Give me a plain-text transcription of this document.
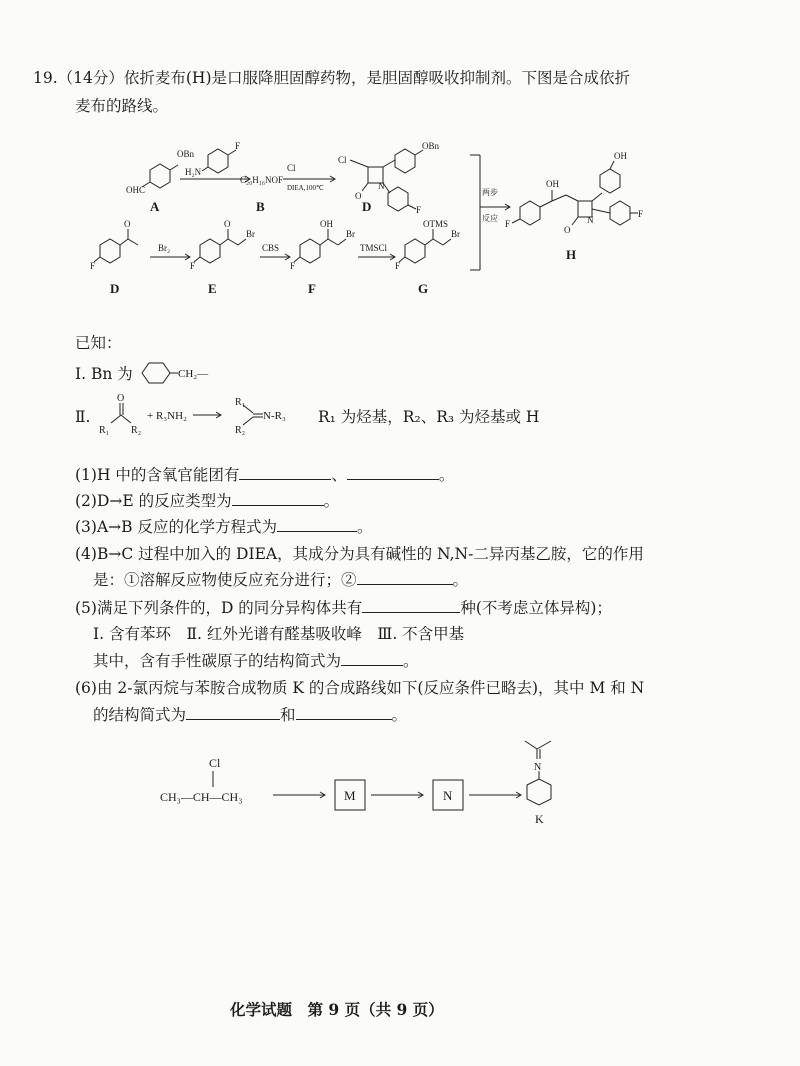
19.（14分）依折麦布(H)是口服降胆固醇药物，是胆固醇吸收抑制剂。下图是合成依折
麦布的路线。
OBn
OHC
H₂N
F
C₂₀H₁₆NOF
DIEA,100℃
Cl
Cl
O
N
OBn
F
两步
反应
OH
OH
O
N
F
F
F
O
Br₂
F
O
Br
CBS
F
OH
Br
TMSCl
F
OTMS
Br
A	B	D
H
D	E	F	G
已知：
Ⅰ. Bn 为	CH₂—
Ⅱ.
O
R₁ R₂
+ R₃NH₂
R₁
R₂
N-R₃ R₁ 为烃基，R₂、R₃ 为烃基或 H
(1)H 中的含氧官能团有	、	。
(2)D→E 的反应类型为	。
(3)A→B 反应的化学方程式为	。
(4)B→C 过程中加入的 DIEA，其成分为具有碱性的 N,N-二异丙基乙胺，它的作用
是：①溶解反应物使反应充分进行；②	。
(5)满足下列条件的，D 的同分异构体共有	种(不考虑立体异构)；
Ⅰ. 含有苯环　Ⅱ. 红外光谱有醛基吸收峰　Ⅲ. 不含甲基
其中，含有手性碳原子的结构简式为	。
(6)由 2-氯丙烷与苯胺合成物质 K 的合成路线如下(反应条件已略去)，其中 M 和 N
的结构简式为	和	。
Cl
CH₃—CH—CH₃	M	N
N
K
化学试题　第 9 页（共 9 页）
